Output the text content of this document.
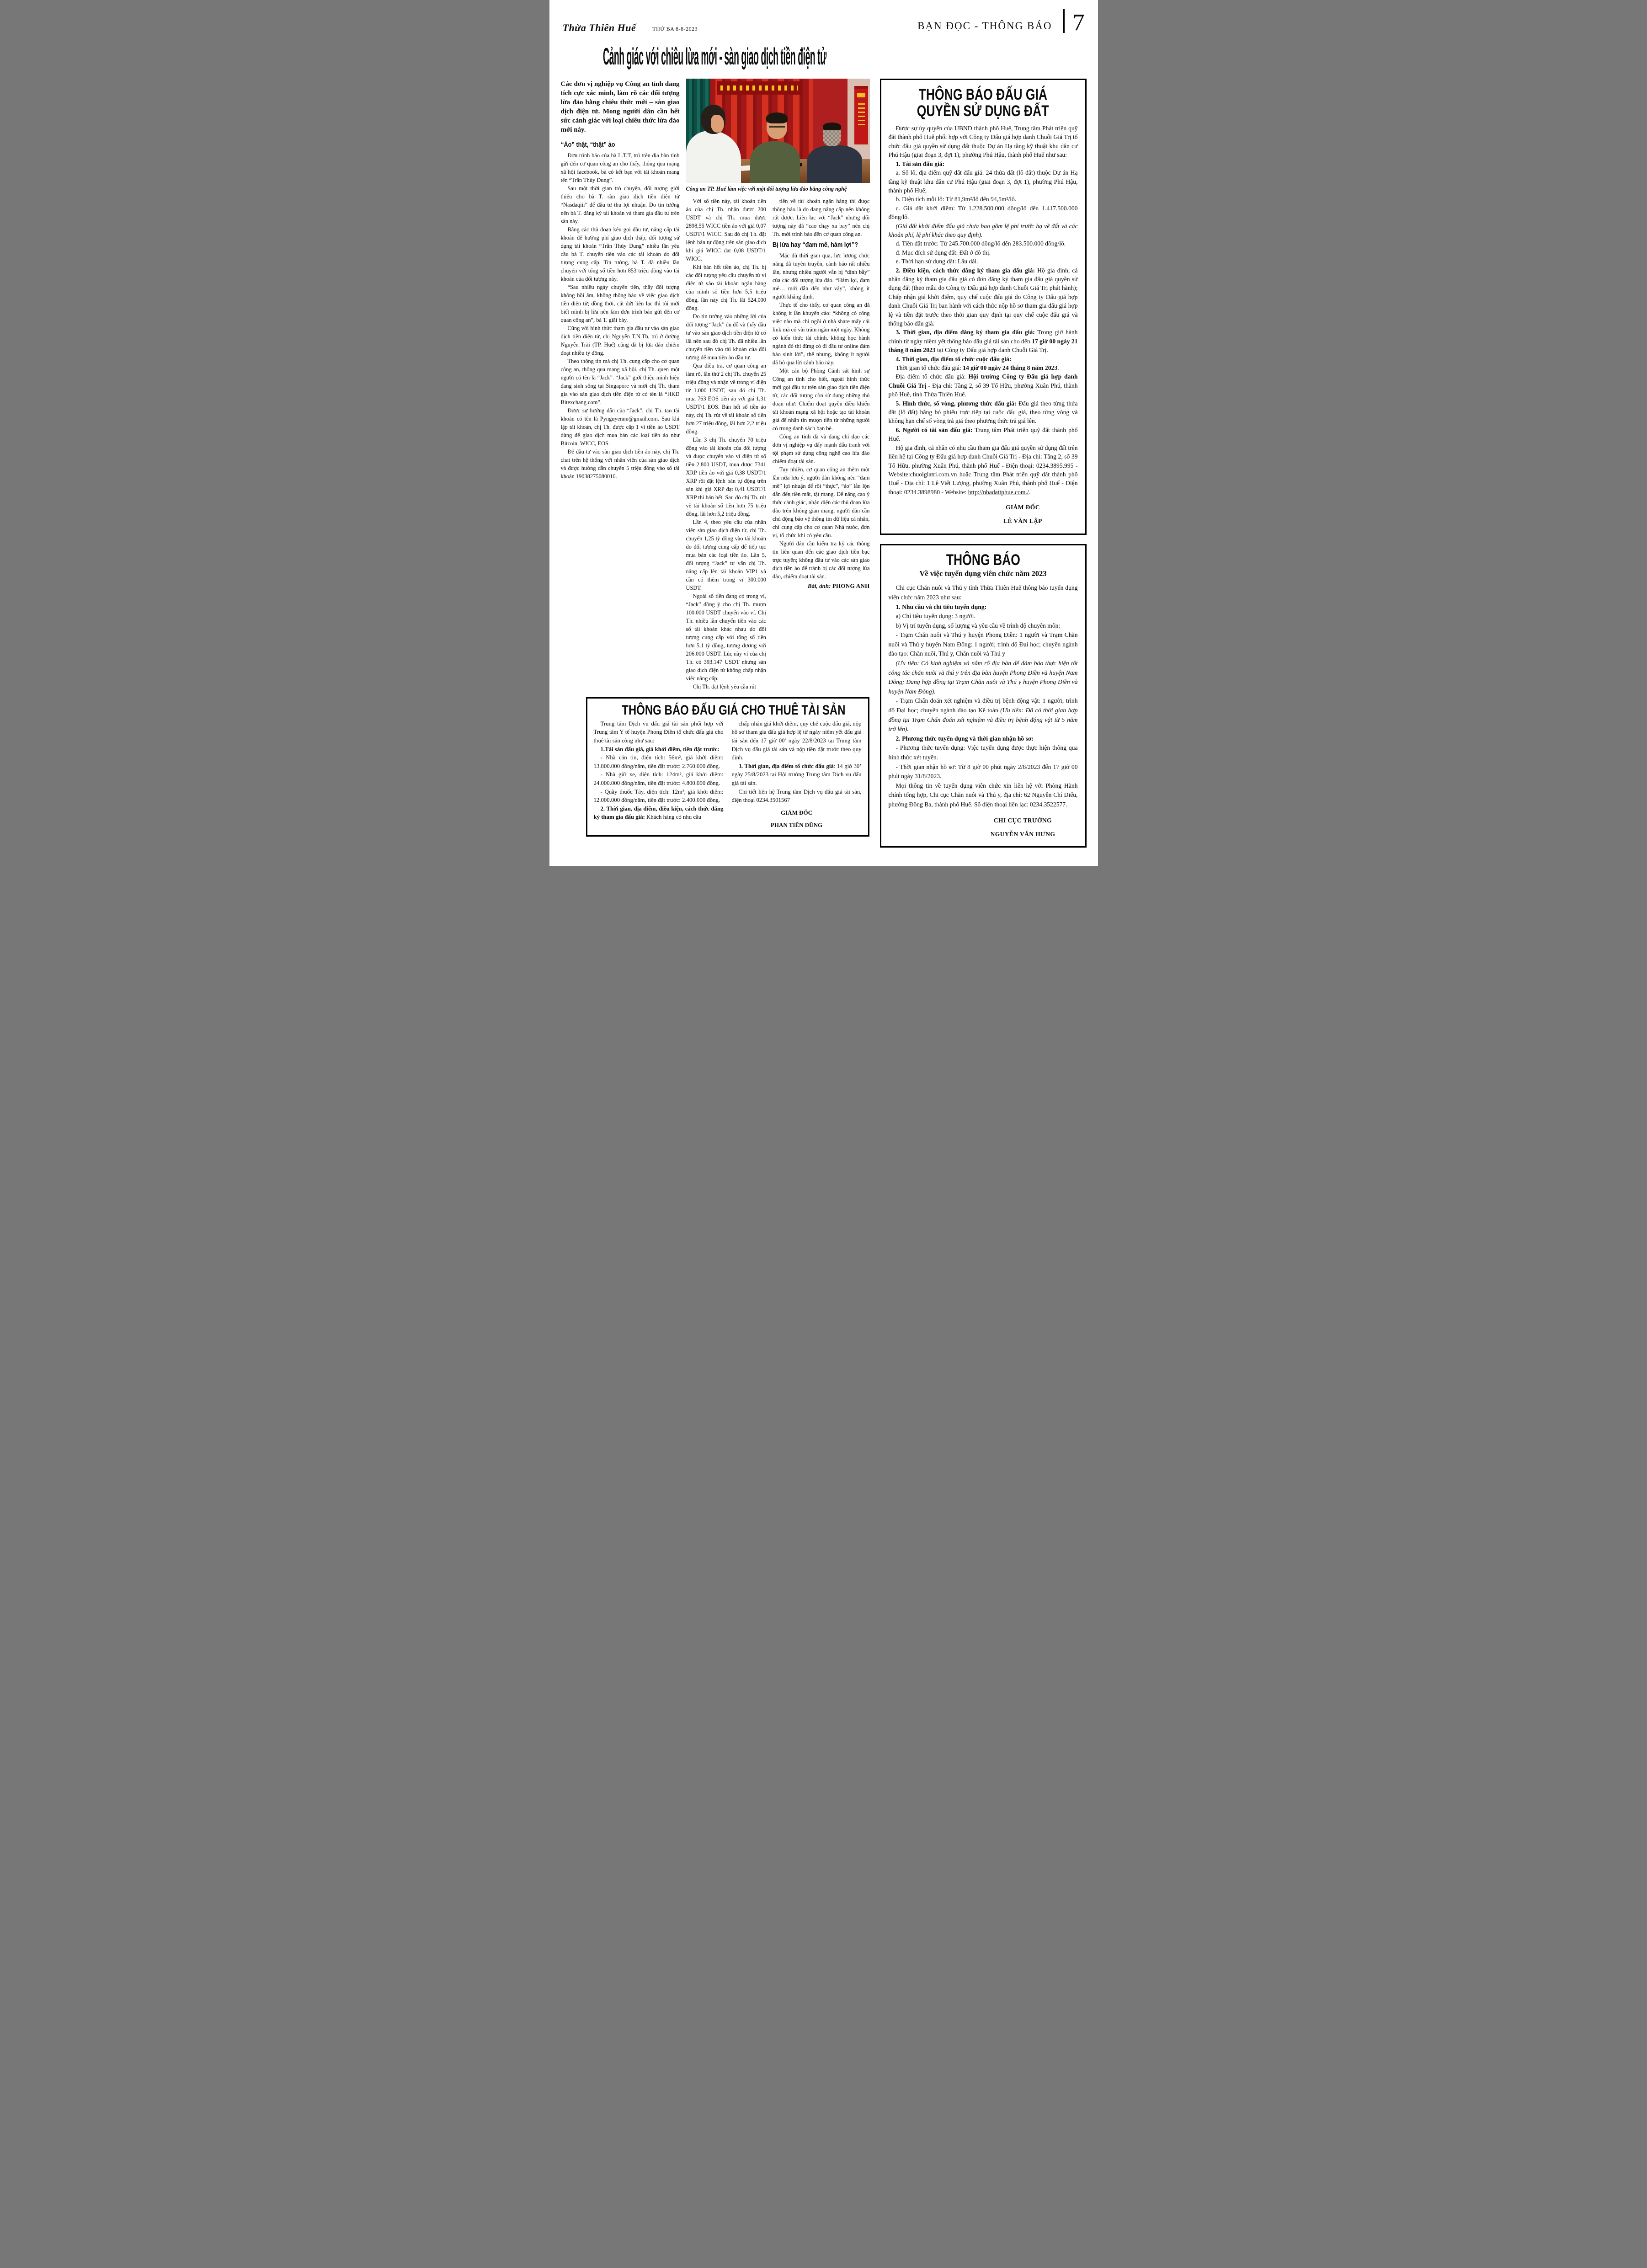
Thừa Thiên Huế	THỨ BA 8-8-2023	BẠN ĐỌC - THÔNG BÁO 7
Cảnh giác với chiêu lừa mới - sàn giao dịch tiền điện tử

Các đơn vị nghiệp vụ Công an tỉnh đang tích cực xác minh, làm rõ các đối tượng lừa đảo bằng chiêu thức mới – sàn giao dịch điện tử. Mong người dân cần hết sức cảnh giác với loại chiêu thức lừa đảo mới này.

“Ảo” thật, “thật” ảo

Đơn trình báo của bà L.T.T, trú trên địa bàn tỉnh gửi đến cơ quan công an cho thấy, thông qua mạng xã hội facebook, bà có kết bạn với tài khoản mang tên “Trần Thùy Dung”.

Sau một thời gian trò chuyện, đối tượng giới thiệu cho bà T. sàn giao dịch tiền điện tử “Nasdaqiii” để đầu tư thu lợi nhuận. Do tin tưởng nên bà T. đăng ký tài khoản và tham gia đầu tư trên sàn này.

Bằng các thủ đoạn kêu gọi đầu tư, nâng cấp tài khoản để hưởng phí giao dịch thấp, đối tượng sử dụng tài khoản “Trần Thùy Dung” nhiều lần yêu cầu bà T. chuyển tiền vào các tài khoản do đối tượng cung cấp. Tin tưởng, bà T. đã nhiều lần chuyển với tổng số tiền hơn 853 triệu đồng vào tài khoản của đối tượng này.

“Sau nhiều ngày chuyển tiền, thấy đối tượng không hồi âm, không thông báo về việc giao dịch tiền điện tử; đồng thời, cắt đứt liên lạc thì tôi mới biết mình bị lừa nên làm đơn trình báo gửi đến cơ quan công an”, bà T. giãi bày.

Cũng với hình thức tham gia đầu tư vào sàn giao dịch tiền điện tử, chị Nguyễn T.N.Th, trú ở đường Nguyễn Trãi (TP. Huế) cũng đã bị lừa đảo chiếm đoạt nhiều tỷ đồng.

Theo thông tin mà chị Th. cung cấp cho cơ quan công an, thông qua mạng xã hội, chị Th. quen một người có tên là “Jack”. “Jack” giới thiệu mình hiện đang sinh sống tại Singapore và mời chị Th. tham gia vào sàn giao dịch tiền điện tử có tên là “HKD Bitexchang.com”.

Được sự hướng dẫn của “Jack”, chị Th. tạo tài khoản có tên là Pynguyennn@gmail.com. Sau khi lập tài khoản, chị Th. được cấp 1 ví tiền ảo USDT dùng để giao dịch mua bán các loại tiền ảo như Bitcoin, WICC, EOS.

Để đầu tư vào sàn giao dịch tiền ảo này, chị Th. chat trên hệ thống với nhân viên của sàn giao dịch và được hướng dẫn chuyển 5 triệu đồng vào số tài khoản 19038275080010.

Công an TP. Huế làm việc với một đối tượng lừa đảo bằng công nghệ

Với số tiền này, tài khoản tiền ảo của chị Th. nhận được 200 USDT và chị Th. mua được 2898,55 WICC tiền ảo với giá 0,07 USDT/1 WICC. Sau đó chị Th. đặt lệnh bán tự động trên sàn giao dịch khi giá WICC đạt 0,08 USDT/1 WICC.

Khi bán hết tiền ảo, chị Th. bị các đối tượng yêu cầu chuyển từ ví điện tử vào tài khoản ngân hàng của mình số tiền hơn 5,5 triệu đồng, lần này chị Th. lãi 524.000 đồng.

Do tin tưởng vào những lời của đối tượng “Jack” dụ dỗ và thấy đầu tư vào sàn giao dịch tiền điện tử có lãi nên sau đó chị Th. đã nhiều lần chuyển tiền vào tài khoản của đối tượng để mua tiền ảo đầu tư.

Qua điều tra, cơ quan công an làm rõ, lần thứ 2 chị Th. chuyển 25 triệu đồng và nhận về trong ví điện tử 1.000 USDT, sau đó chị Th. mua 763 EOS tiền ảo với giá 1,31 USDT/1 EOS. Bán hết số tiền ảo này, chị Th. rút về tài khoản số tiền hơn 27 triệu đồng, lãi hơn 2,2 triệu đồng.

Lần 3 chị Th. chuyển 70 triệu đồng vào tài khoản của đối tượng và được chuyển vào ví điện tử số tiền 2.800 USDT, mua được 7341 XRP tiền ảo với giá 0,38 USDT/1 XRP rồi đặt lệnh bán tự động trên sàn khi giá XRP đạt 0,41 USDT/1 XRP thì bán hết. Sau đó chị Th. rút về tài khoản số tiền hơn 75 triệu đồng, lãi hơn 5,2 triệu đồng.

Lần 4, theo yêu cầu của nhân viên sàn giao dịch điện tử, chị Th. chuyển 1,25 tỷ đồng vào tài khoản do đối tượng cung cấp để tiếp tục mua bán các loại tiền ảo. Lần 5, đối tượng “Jack” tư vấn chị Th. nâng cấp lên tài khoản VIP1 và cần có thêm trong ví 300.000 USDT.

Ngoài số tiền đang có trong ví, “Jack” đồng ý cho chị Th. mượn 100.000 USDT chuyển vào ví. Chị Th. nhiều lần chuyển tiền vào các số tài khoản khác nhau do đối tượng cung cấp với tổng số tiền hơn 5,1 tỷ đồng, tương đương với 206.000 USDT. Lúc này ví của chị Th. có 393.147 USDT nhưng sàn giao dịch điện tử không chấp nhận việc nâng cấp.

Chị Th. đặt lệnh yêu cầu rút

tiền về tài khoản ngân hàng thì được thông báo là do đang nâng cấp nên không rút được. Liên lạc với “Jack” nhưng đối tượng này đã “cao chạy xa bay” nên chị Th. mới trình báo đến cơ quan công an.

Bị lừa hay “đam mê, hám lợi”?

Mặc dù thời gian qua, lực lượng chức năng đã tuyên truyền, cảnh báo rất nhiều lần, nhưng nhiều người vẫn bị “dính bẫy” của các đối tượng lừa đảo. “Hám lợi, đam mê… mới dẫn đến như vậy”, không ít người khẳng định.

Thực tế cho thấy, cơ quan công an đã không ít lần khuyến cáo: “không có công việc nào mà chỉ ngồi ở nhà share mấy cái link mà có vài trăm ngàn một ngày. Không có kiến thức tài chính, không học hành ngành đó thì đừng có đi đầu tư online đảm bảo sinh lời”, thế nhưng, không ít người đã bỏ qua lời cảnh báo này.

Một cán bộ Phòng Cảnh sát hình sự Công an tỉnh cho biết, ngoài hình thức mời gọi đầu tư trên sàn giao dịch tiền điện tử, các đối tượng còn sử dụng những thủ đoạn như: Chiếm đoạt quyền điều khiển tài khoản mạng xã hội hoặc tạo tài khoản giả để nhắn tin mượn tiền từ những người có trong danh sách bạn bè.

Công an tỉnh đã và đang chỉ đạo các đơn vị nghiệp vụ đẩy mạnh đấu tranh với tội phạm sử dụng công nghệ cao lừa đảo chiếm đoạt tài sản.

Tuy nhiên, cơ quan công an thêm một lần nữa lưu ý, người dân không nên “đam mê” lợi nhuận để rồi “thực”, “ảo” lẫn lộn dẫn đến tiền mất, tật mang. Để nâng cao ý thức cảnh giác, nhận diện các thủ đoạn lừa đảo trên không gian mạng, người dân cần chủ động bảo vệ thông tin dữ liệu cá nhân, chỉ cung cấp cho cơ quan Nhà nước, đơn vị, tổ chức khi có yêu cầu.

Người dân cần kiểm tra kỹ các thông tin liên quan đến các giao dịch tiền bạc trực tuyến; không đầu tư vào các sàn giao dịch tiền ảo để tránh bị các đối tượng lừa đảo, chiếm đoạt tài sản.

Bài, ảnh: PHONG ANH
THÔNG BÁO ĐẤU GIÁ CHO THUÊ TÀI SẢN

Trung tâm Dịch vụ đấu giá tài sản phối hợp với Trung tâm Y tế huyện Phong Điền tổ chức đấu giá cho thuê tài sản công như sau:

1.Tài sản đấu giá, giá khởi điểm, tiền đặt trước:

- Nhà căn tin, diện tích: 56m², giá khởi điểm: 13.800.000 đồng/năm, tiền đặt trước: 2.760.000 đồng.

- Nhà giữ xe, diện tích: 124m², giá khởi điểm: 24.000.000 đồng/năm, tiền đặt trước: 4.800.000 đồng.

- Quầy thuốc Tây, diện tích: 12m², giá khởi điểm: 12.000.000 đồng/năm, tiền đặt trước: 2.400.000 đồng.

2. Thời gian, địa điểm, điều kiện, cách thức đăng ký tham gia đấu giá: Khách hàng có nhu cầu

chấp nhận giá khởi điểm, quy chế cuộc đấu giá, nộp hồ sơ tham gia đấu giá hợp lệ từ ngày niêm yết đấu giá tài sản đến 17 giờ 00’ ngày 22/8/2023 tại Trung tâm Dịch vụ đấu giá tài sản và nộp tiền đặt trước theo quy định.

3. Thời gian, địa điểm tổ chức đấu giá: 14 giờ 30’ ngày 25/8/2023 tại Hội trường Trung tâm Dịch vụ đấu giá tài sản.

Chi tiết liên hệ Trung tâm Dịch vụ đấu giá tài sản, điện thoại 0234.3501567

GIÁM ĐỐC
PHAN TIẾN DŨNG
THÔNG BÁO ĐẤU GIÁ
QUYỀN SỬ DỤNG ĐẤT

Được sự ủy quyền của UBND thành phố Huế, Trung tâm Phát triển quỹ đất thành phố Huế phối hợp với Công ty Đấu giá hợp danh Chuỗi Giá Trị tổ chức đấu giá quyền sử dụng đất thuộc Dự án Hạ tầng kỹ thuật khu dân cư Phú Hậu (giai đoạn 3, đợt 1), phường Phú Hậu, thành phố Huế như sau:

1. Tài sản đấu giá:

a. Số lô, địa điểm quỹ đất đấu giá: 24 thửa đất (lô đất) thuộc Dự án Hạ tầng kỹ thuật khu dân cư Phú Hậu (giai đoạn 3, đợt 1), phường Phú Hậu, thành phố Huế;

b. Diện tích mỗi lô: Từ 81,9m²/lô đến 94,5m²/lô.

c. Giá đất khởi điểm: Từ 1.228.500.000 đồng/lô đến 1.417.500.000 đồng/lô.

(Giá đất khởi điểm đấu giá chưa bao gồm lệ phí trước bạ về đất và các khoản phí, lệ phí khác theo quy định).

d. Tiền đặt trước: Từ 245.700.000 đồng/lô đến 283.500.000 đồng/lô.

đ. Mục đích sử dụng đất: Đất ở đô thị.

e. Thời hạn sử dụng đất: Lâu dài.

2. Điều kiện, cách thức đăng ký tham gia đấu giá: Hộ gia đình, cá nhân đăng ký tham gia đấu giá có đơn đăng ký tham gia đấu giá quyền sử dụng đất (theo mẫu do Công ty Đấu giá hợp danh Chuỗi Giá Trị phát hành); Chấp nhận giá khởi điểm, quy chế cuộc đấu giá do Công ty Đấu giá hợp danh Chuỗi Giá Trị ban hành với cách thức nộp hồ sơ tham gia đấu giá hợp lệ và tiền đặt trước theo thời gian quy định tại quy chế cuộc đấu giá và thông báo đấu giá.

3. Thời gian, địa điểm đăng ký tham gia đấu giá: Trong giờ hành chính từ ngày niêm yết thông báo đấu giá tài sản cho đến 17 giờ 00 ngày 21 tháng 8 năm 2023 tại Công ty Đấu giá hợp danh Chuỗi Giá Trị.

4. Thời gian, địa điểm tổ chức cuộc đấu giá:

Thời gian tổ chức đấu giá: 14 giờ 00 ngày 24 tháng 8 năm 2023.

Địa điểm tổ chức đấu giá: Hội trường Công ty Đấu giá hợp danh Chuỗi Giá Trị - Địa chỉ: Tầng 2, số 39 Tố Hữu, phường Xuân Phú, thành phố Huế, tỉnh Thừa Thiên Huế.

5. Hình thức, số vòng, phương thức đấu giá: Đấu giá theo từng thửa đất (lô đất) bằng bỏ phiếu trực tiếp tại cuộc đấu giá, theo từng vòng và không hạn chế số vòng trả giá theo phương thức trả giá lên.

6. Người có tài sản đấu giá: Trung tâm Phát triển quỹ đất thành phố Huế.

Hộ gia đình, cá nhân có nhu cầu tham gia đấu giá quyền sử dụng đất trên liên hệ tại Công ty Đấu giá hợp danh Chuỗi Giá Trị - Địa chỉ: Tầng 2, số 39 Tố Hữu, phường Xuân Phú, thành phố Huế - Điện thoại: 0234.3895.995 - Website:chuoigiatri.com.vn hoặc Trung tâm Phát triển quỹ đất thành phố Huế - Địa chỉ: 1 Lê Viết Lượng, phường Xuân Phú, thành phố Huế - Điện thoại: 0234.3898980 - Website: http://nhadattphue.com./.

GIÁM ĐỐC
LÊ VĂN LẬP
THÔNG BÁO
Về việc tuyển dụng viên chức năm 2023

Chi cục Chăn nuôi và Thú y tỉnh Thừa Thiên Huế thông báo tuyển dụng viên chức năm 2023 như sau:

1. Nhu cầu và chỉ tiêu tuyển dụng:

a) Chỉ tiêu tuyển dụng: 3 người.

b) Vị trí tuyển dụng, số lượng và yêu cầu về trình độ chuyên môn:

- Trạm Chăn nuôi và Thú y huyện Phong Điền: 1 người và Trạm Chăn nuôi và Thú y huyện Nam Đông: 1 người; trình độ Đại học; chuyên ngành đào tạo: Chăn nuôi, Thú y, Chăn nuôi và Thú y

(Ưu tiên: Có kinh nghiệm và nắm rõ địa bàn để đảm bảo thực hiện tốt công tác chăn nuôi và thú y trên địa bàn huyện Phong Điền và huyện Nam Đông; Đang hợp đồng tại Trạm Chăn nuôi và Thú y huyện Phong Điền và huyện Nam Đông).

- Trạm Chẩn đoán xét nghiệm và điều trị bệnh động vật: 1 người; trình độ Đại học; chuyên ngành đào tạo Kế toán (Ưu tiên: Đã có thời gian hợp đồng tại Trạm Chẩn đoán xét nghiệm và điều trị bệnh động vật từ 5 năm trở lên).

2. Phương thức tuyển dụng và thời gian nhận hồ sơ:

- Phương thức tuyển dụng: Việc tuyển dụng được thực hiện thông qua hình thức xét tuyển.

- Thời gian nhận hồ sơ: Từ 8 giờ 00 phút ngày 2/8/2023 đến 17 giờ 00 phút ngày 31/8/2023.

Mọi thông tin về tuyển dụng viên chức xin liên hệ với Phòng Hành chính tổng hợp, Chi cục Chăn nuôi và Thú y, địa chỉ: 62 Nguyễn Chí Diểu, phường Đông Ba, thành phố Huế. Số điện thoại liên lạc: 0234.3522577.

CHI CỤC TRƯỞNG
NGUYỄN VĂN HƯNG
